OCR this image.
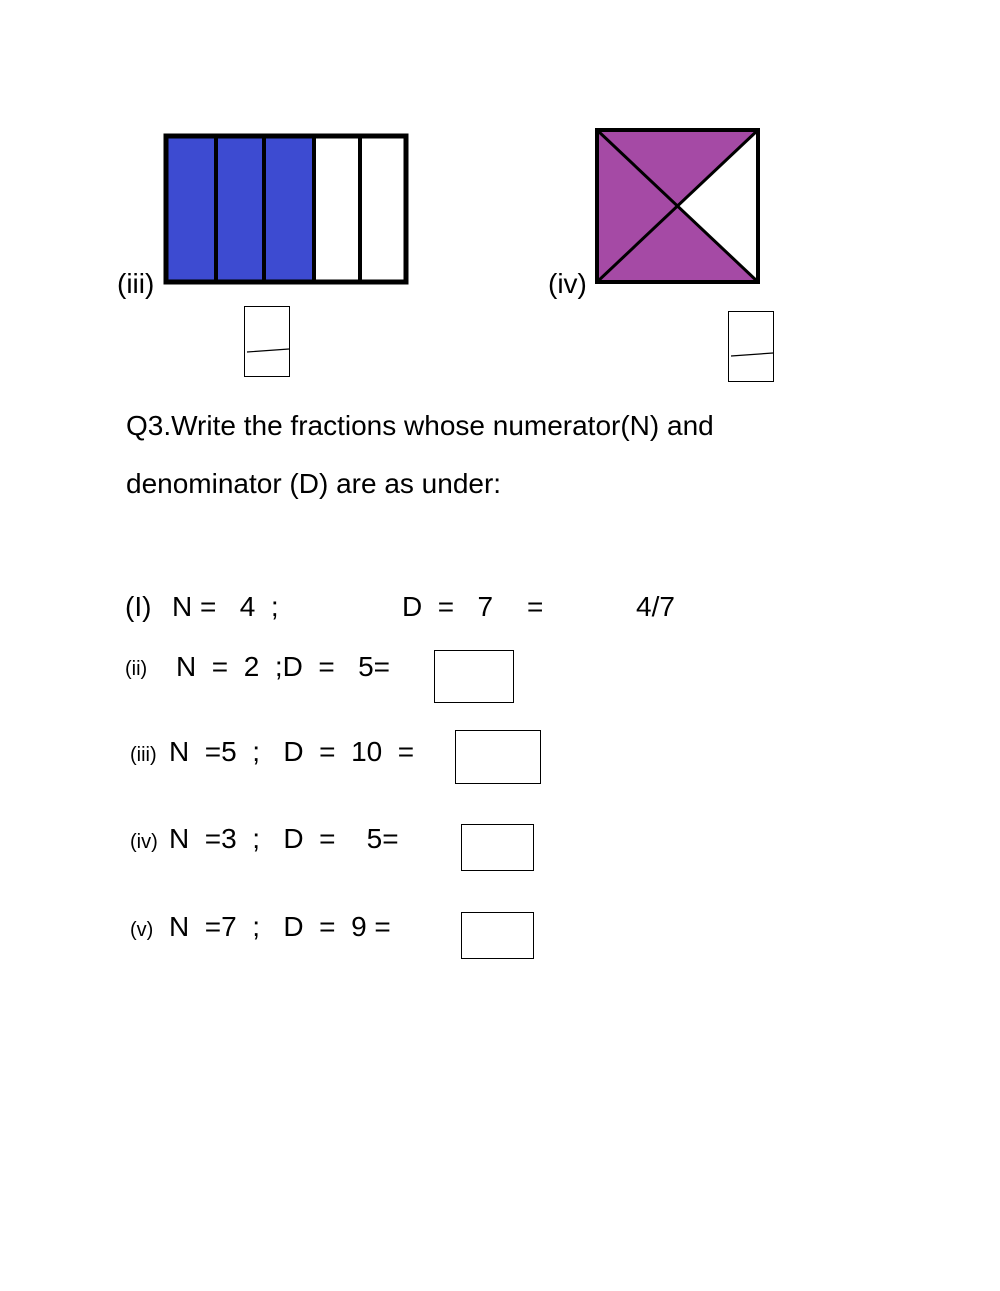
(iii)	(iv)
Q3.Write the fractions whose numerator(N) and
denominator (D) are as under:
(I) N =   4  ;	D  =   7 =	4/7
(ii) N  =  2  ;D  =   5=
(iii) N  =5  ;   D  =  10  =
(iv) N  =3  ;   D  =    5=
(v) N  =7  ;   D  =  9 =
